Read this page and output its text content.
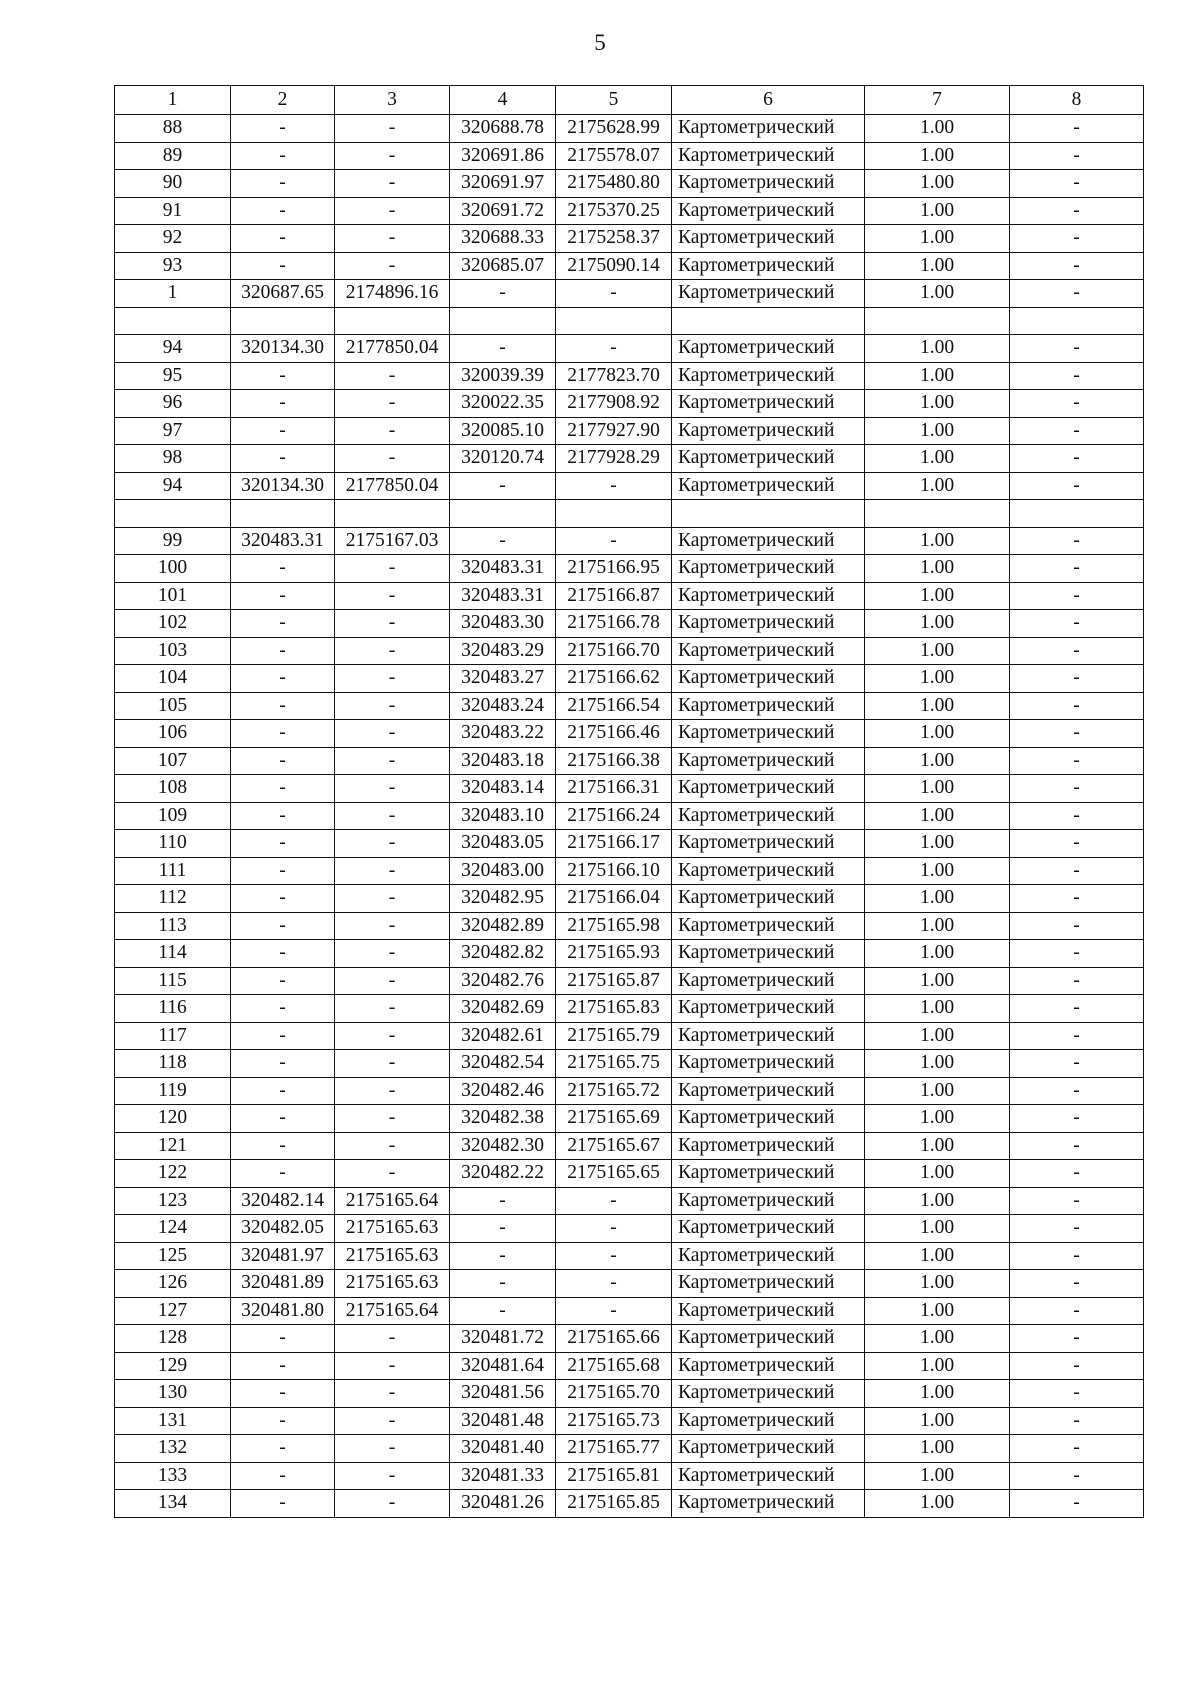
5
1	2	3	4	5	6	7	8
88	-	-	320688.78	2175628.99	Картометрический	1.00	-
89	-	-	320691.86	2175578.07	Картометрический	1.00	-
90	-	-	320691.97	2175480.80	Картометрический	1.00	-
91	-	-	320691.72	2175370.25	Картометрический	1.00	-
92	-	-	320688.33	2175258.37	Картометрический	1.00	-
93	-	-	320685.07	2175090.14	Картометрический	1.00	-
1	320687.65	2174896.16	-	-	Картометрический	1.00	-

94	320134.30	2177850.04	-	-	Картометрический	1.00	-
95	-	-	320039.39	2177823.70	Картометрический	1.00	-
96	-	-	320022.35	2177908.92	Картометрический	1.00	-
97	-	-	320085.10	2177927.90	Картометрический	1.00	-
98	-	-	320120.74	2177928.29	Картометрический	1.00	-
94	320134.30	2177850.04	-	-	Картометрический	1.00	-

99	320483.31	2175167.03	-	-	Картометрический	1.00	-
100	-	-	320483.31	2175166.95	Картометрический	1.00	-
101	-	-	320483.31	2175166.87	Картометрический	1.00	-
102	-	-	320483.30	2175166.78	Картометрический	1.00	-
103	-	-	320483.29	2175166.70	Картометрический	1.00	-
104	-	-	320483.27	2175166.62	Картометрический	1.00	-
105	-	-	320483.24	2175166.54	Картометрический	1.00	-
106	-	-	320483.22	2175166.46	Картометрический	1.00	-
107	-	-	320483.18	2175166.38	Картометрический	1.00	-
108	-	-	320483.14	2175166.31	Картометрический	1.00	-
109	-	-	320483.10	2175166.24	Картометрический	1.00	-
110	-	-	320483.05	2175166.17	Картометрический	1.00	-
111	-	-	320483.00	2175166.10	Картометрический	1.00	-
112	-	-	320482.95	2175166.04	Картометрический	1.00	-
113	-	-	320482.89	2175165.98	Картометрический	1.00	-
114	-	-	320482.82	2175165.93	Картометрический	1.00	-
115	-	-	320482.76	2175165.87	Картометрический	1.00	-
116	-	-	320482.69	2175165.83	Картометрический	1.00	-
117	-	-	320482.61	2175165.79	Картометрический	1.00	-
118	-	-	320482.54	2175165.75	Картометрический	1.00	-
119	-	-	320482.46	2175165.72	Картометрический	1.00	-
120	-	-	320482.38	2175165.69	Картометрический	1.00	-
121	-	-	320482.30	2175165.67	Картометрический	1.00	-
122	-	-	320482.22	2175165.65	Картометрический	1.00	-
123	320482.14	2175165.64	-	-	Картометрический	1.00	-
124	320482.05	2175165.63	-	-	Картометрический	1.00	-
125	320481.97	2175165.63	-	-	Картометрический	1.00	-
126	320481.89	2175165.63	-	-	Картометрический	1.00	-
127	320481.80	2175165.64	-	-	Картометрический	1.00	-
128	-	-	320481.72	2175165.66	Картометрический	1.00	-
129	-	-	320481.64	2175165.68	Картометрический	1.00	-
130	-	-	320481.56	2175165.70	Картометрический	1.00	-
131	-	-	320481.48	2175165.73	Картометрический	1.00	-
132	-	-	320481.40	2175165.77	Картометрический	1.00	-
133	-	-	320481.33	2175165.81	Картометрический	1.00	-
134	-	-	320481.26	2175165.85	Картометрический	1.00	-
